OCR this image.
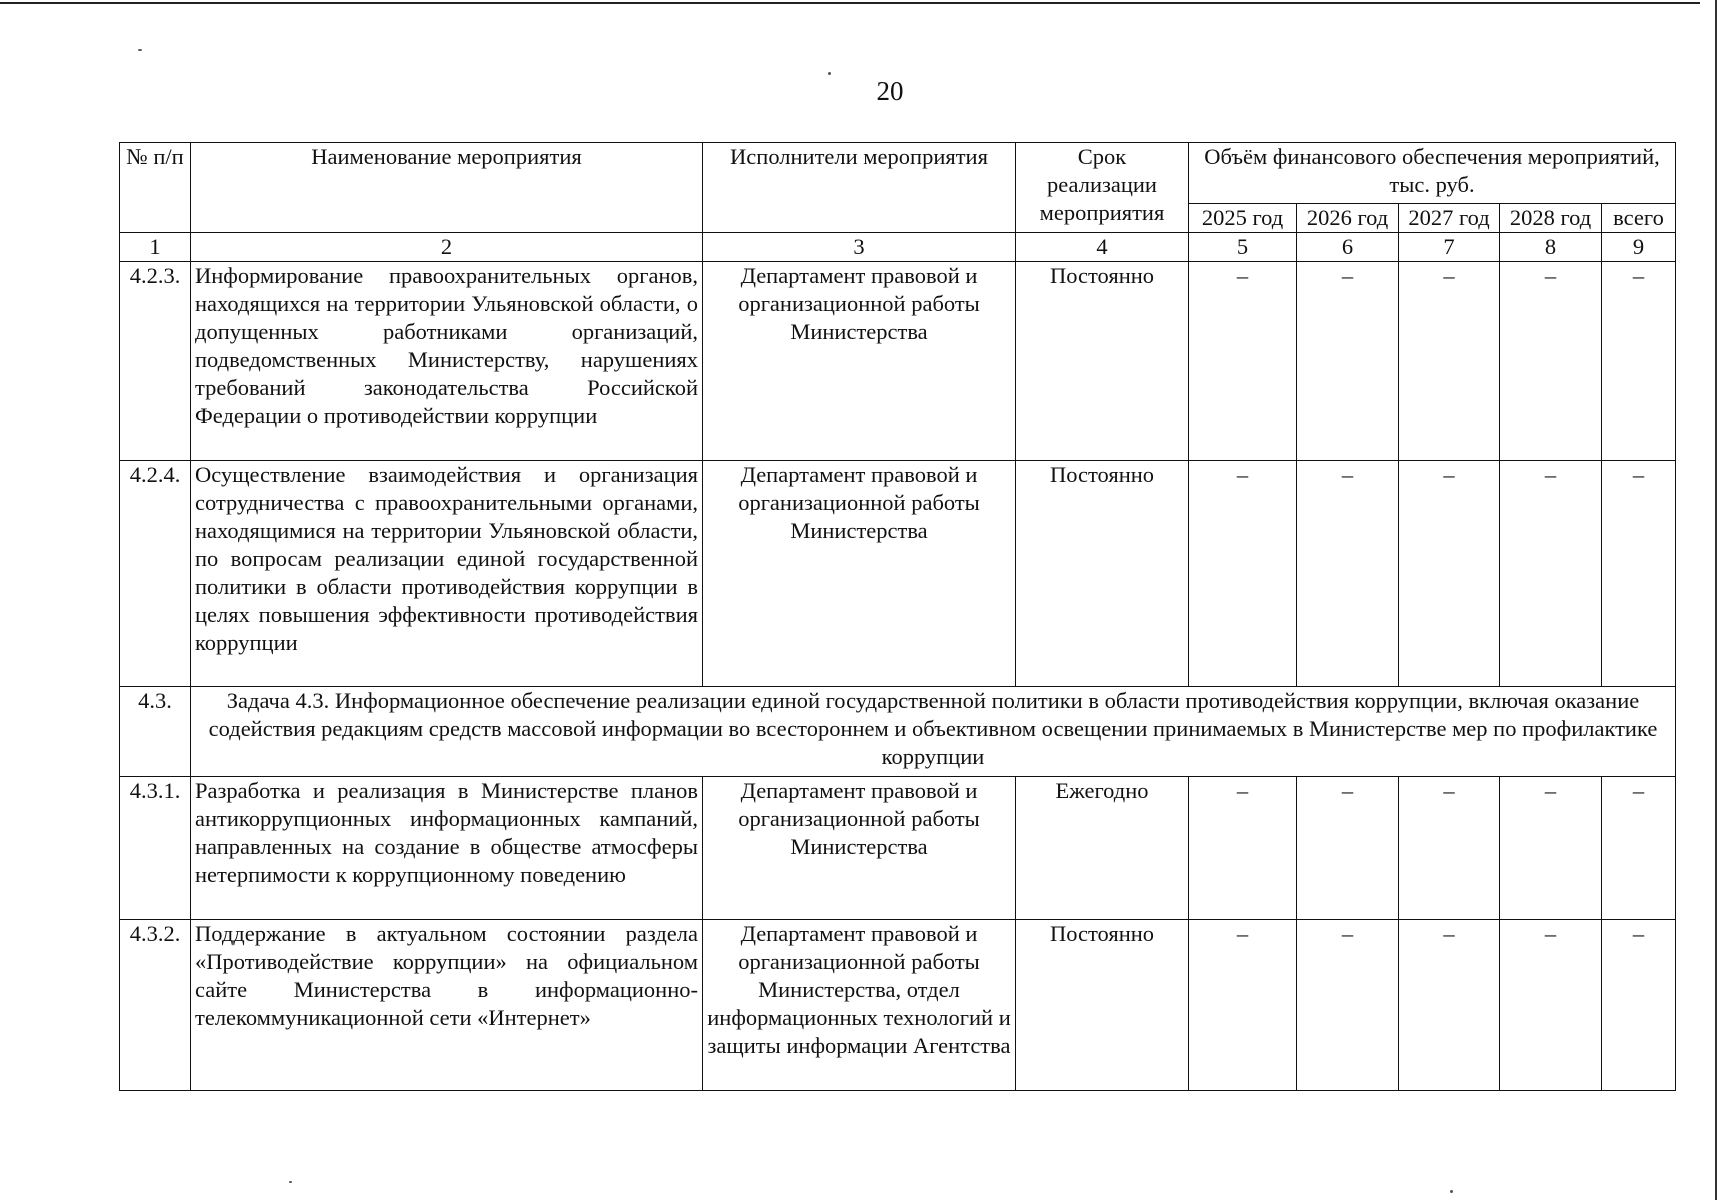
20
№ п/п	Наименование мероприятия	Исполнители мероприятия	Срок реализации мероприятия	Объём финансового обеспечения мероприятий, тыс. руб.				
				2025 год	2026 год	2027 год	2028 год	всего
1	2	3	4	5	6	7	8	9
4.2.3.	Информирование правоохранительных органов, находящихся на территории Ульяновской области, о допущенных работниками организаций, подведомственных Министерству, нарушениях требований законодательства Российской Федерации о противодействии коррупции	Департамент правовой и организационной работы Министерства	Постоянно	–	–	–	–	–
4.2.4.	Осуществление взаимодействия и организация сотрудничества с правоохранительными органами, находящимися на территории Ульяновской области, по вопросам реализации единой государственной политики в области противодействия коррупции в целях повышения эффективности противодействия коррупции	Департамент правовой и организационной работы Министерства	Постоянно	–	–	–	–	–
4.3.	Задача 4.3. Информационное обеспечение реализации единой государственной политики в области противодействия коррупции, включая оказание содействия редакциям средств массовой информации во всестороннем и объективном освещении принимаемых в Министерстве мер по профилактике коррупции							
4.3.1.	Разработка и реализация в Министерстве планов антикоррупционных информационных кампаний, направленных на создание в обществе атмосферы нетерпимости к коррупционному поведению	Департамент правовой и организационной работы Министерства	Ежегодно	–	–	–	–	–
4.3.2.	Поддержание в актуальном состоянии раздела «Противодействие коррупции» на официальном сайте Министерства в информационно-телекоммуникационной сети «Интернет»	Департамент правовой и организационной работы Министерства, отдел информационных технологий и защиты информации Агентства	Постоянно	–	–	–	–	–
